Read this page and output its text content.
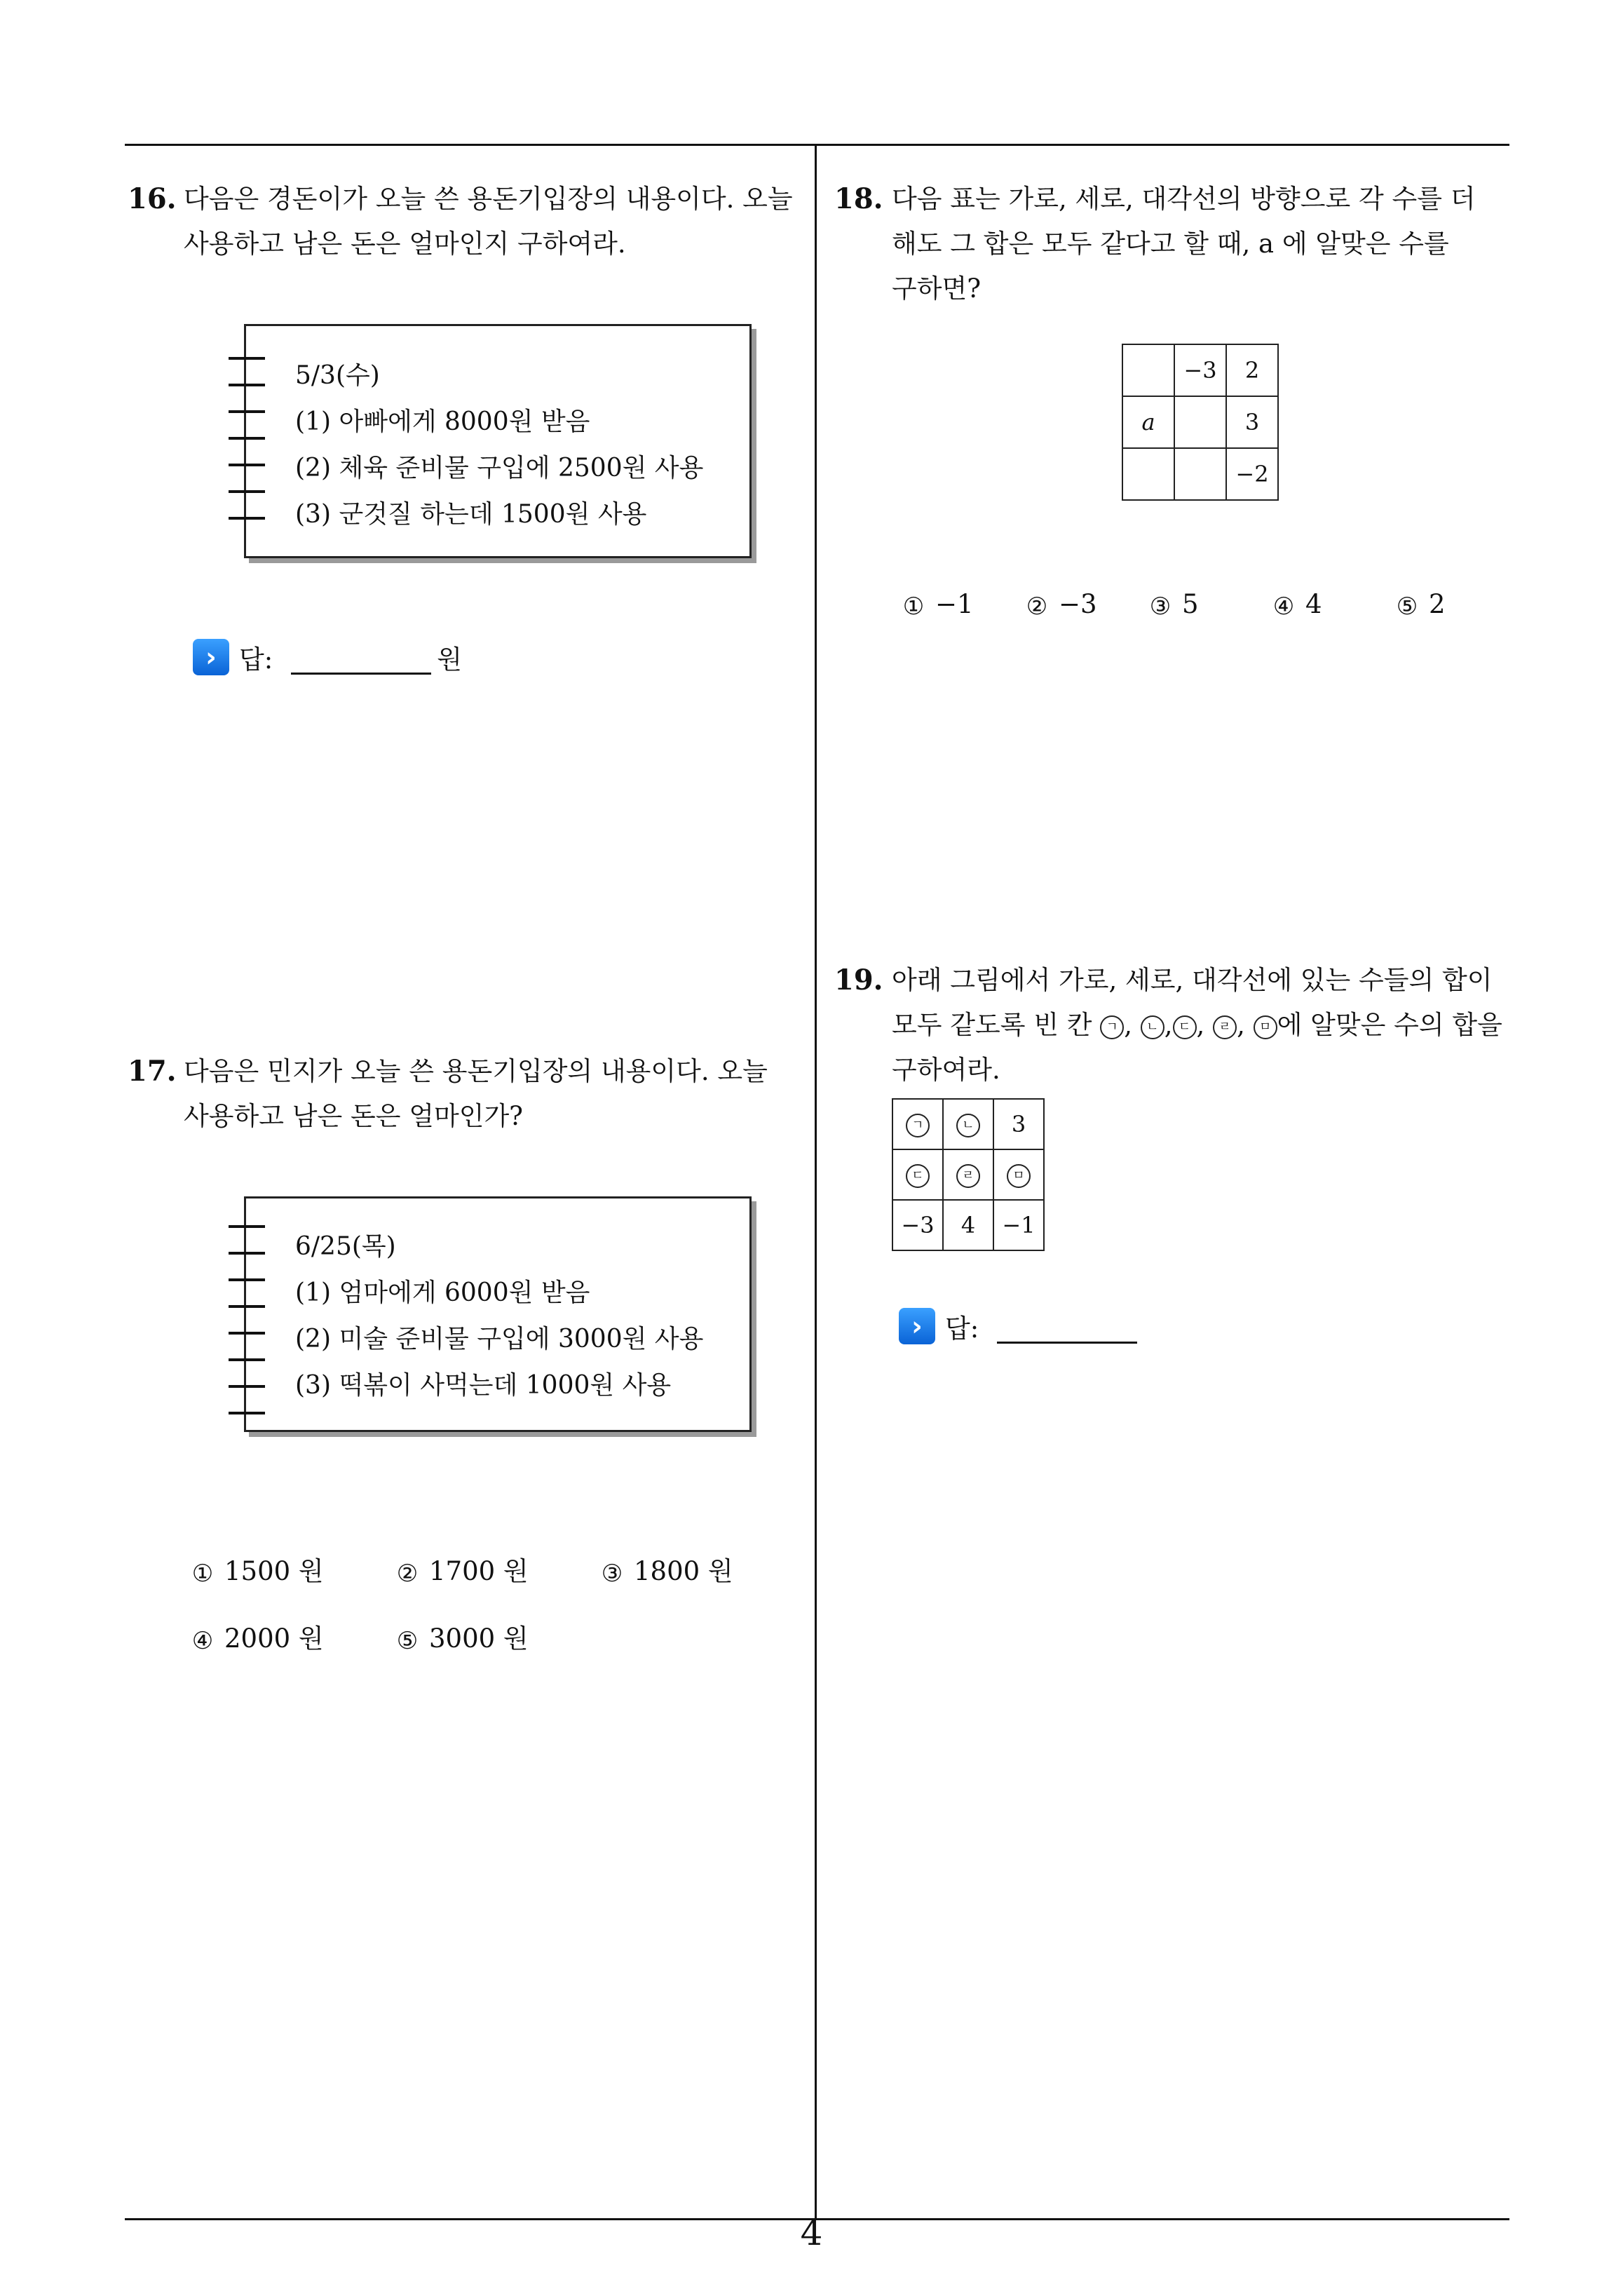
16. 다음은 경돈이가 오늘 쓴 용돈기입장의 내용이다. 오늘
사용하고 남은 돈은 얼마인지 구하여라.
5/3(수)
(1) 아빠에게 8000원 받음
(2) 체육 준비물 구입에 2500원 사용
(3) 군것질 하는데 1500원 사용
› 답:	원
17. 다음은 민지가 오늘 쓴 용돈기입장의 내용이다. 오늘
사용하고 남은 돈은 얼마인가?
6/25(목)
(1) 엄마에게 6000원 받음
(2) 미술 준비물 구입에 3000원 사용
(3) 떡볶이 사먹는데 1000원 사용
① 1500 원	② 1700 원	③ 1800 원
④ 2000 원	⑤ 3000 원
18. 다음 표는 가로, 세로, 대각선의 방향으로 각 수를 더
해도 그 합은 모두 같다고 할 때, a 에 알맞은 수를
구하면?
	−3	2
a		3
		−2
① −1 ② −3 ③ 5	④ 4	⑤ 2
19. 아래 그림에서 가로, 세로, 대각선에 있는 수들의 합이
모두 같도록 빈 칸 ㄱ , ㄴ , ㄷ , ㄹ , ㅁ 에 알맞은 수의 합을
구하여라.
ㄱ	ㄴ	3
ㄷ	ㄹ	ㅁ
−3	4	−1
› 답:
4
